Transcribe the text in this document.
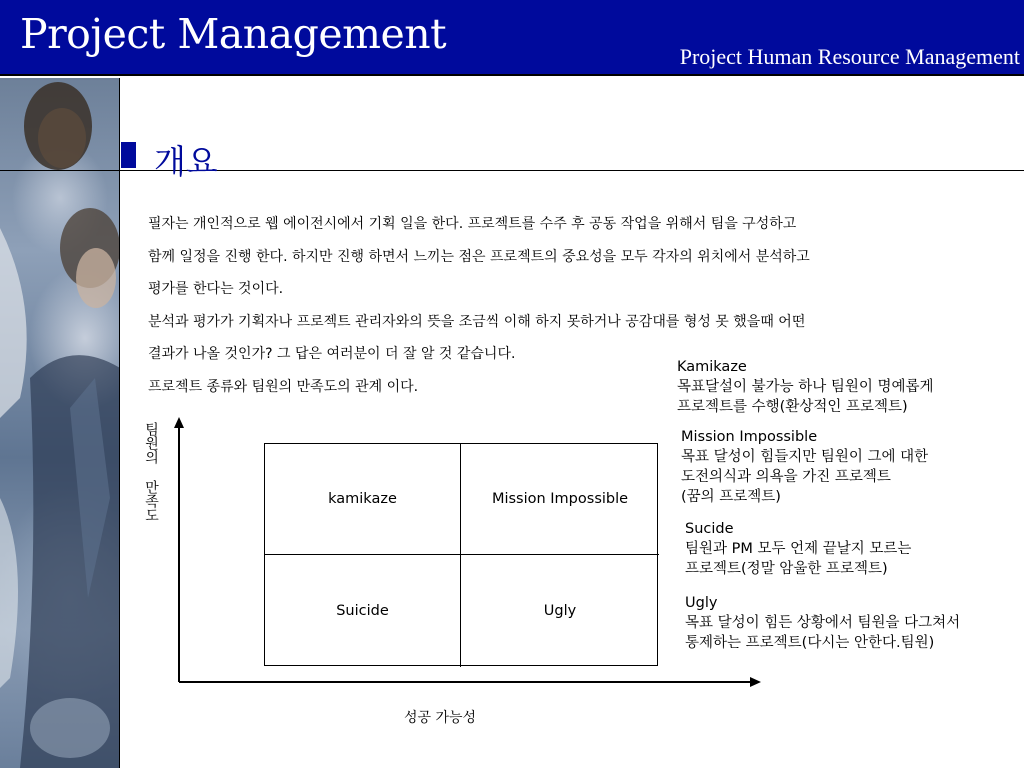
Project Management	Project Human Resource Management
개요

필자는 개인적으로 웹 에이전시에서 기획 일을 한다. 프로젝트를 수주 후 공동 작업을 위해서 팀을 구성하고

함께 일정을 진행 한다. 하지만 진행 하면서 느끼는 점은 프로젝트의 중요성을 모두 각자의 위치에서 분석하고

평가를 한다는 것이다.

분석과 평가가 기획자나 프로젝트 관리자와의 뜻을 조금씩 이해 하지 못하거나 공감대를 형성 못 했을때 어떤

결과가 나올 것인가? 그 답은 여러분이 더 잘 알 것 같습니다.

프로젝트 종류와 팀원의 만족도의 관계 이다.

팀원의 만족도
성공 가능성
kamikaze	Mission Impossible
Suicide	Ugly
Kamikaze
목표달설이 불가능 하나 팀원이 명예롭게
프로젝트를 수행(환상적인 프로젝트)
Mission Impossible
목표 달성이 힘들지만 팀원이 그에 대한
도전의식과 의욕을 가진 프로젝트
(꿈의 프로젝트)
Sucide
팀원과 PM 모두 언제 끝날지 모르는
프로젝트(정말 암울한 프로젝트)
Ugly
목표 달성이 힘든 상황에서 팀원을 다그쳐서
통제하는 프로젝트(다시는 안한다.팀원)
